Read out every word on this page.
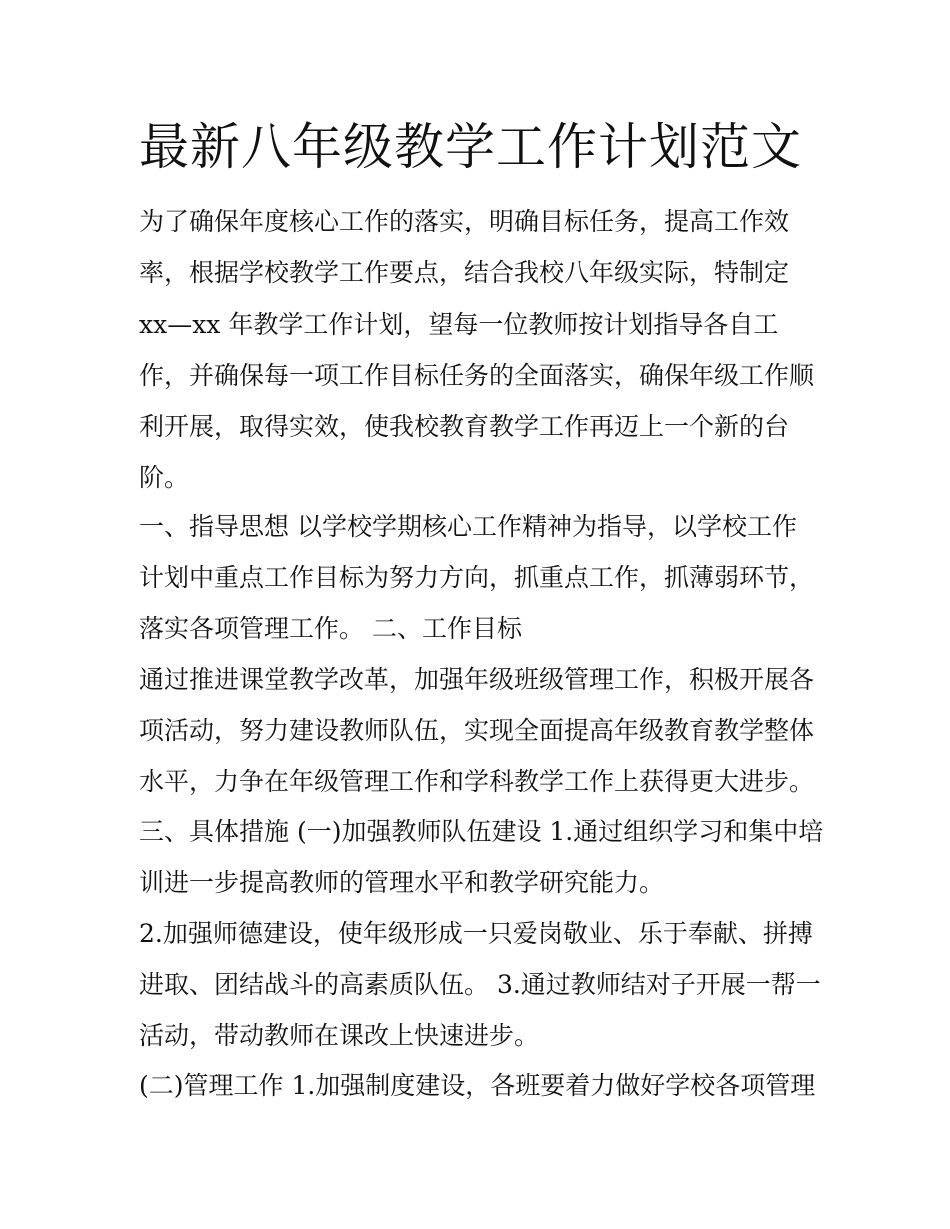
最新八年级教学工作计划范文

为了确保年度核心工作的落实，明确目标任务，提高工作效

率，根据学校教学工作要点，结合我校八年级实际，特制定

xx—xx 年教学工作计划，望每一位教师按计划指导各自工

作，并确保每一项工作目标任务的全面落实，确保年级工作顺

利开展，取得实效，使我校教育教学工作再迈上一个新的台

阶。

一、指导思想 以学校学期核心工作精神为指导，以学校工作

计划中重点工作目标为努力方向，抓重点工作，抓薄弱环节，

落实各项管理工作。 二、工作目标

通过推进课堂教学改革，加强年级班级管理工作，积极开展各

项活动，努力建设教师队伍，实现全面提高年级教育教学整体

水平，力争在年级管理工作和学科教学工作上获得更大进步。

三、具体措施 (一)加强教师队伍建设 1.通过组织学习和集中培

训进一步提高教师的管理水平和教学研究能力。

2.加强师德建设，使年级形成一只爱岗敬业、乐于奉献、拼搏

进取、团结战斗的高素质队伍。 3.通过教师结对子开展一帮一

活动，带动教师在课改上快速进步。

(二)管理工作 1.加强制度建设，各班要着力做好学校各项管理
